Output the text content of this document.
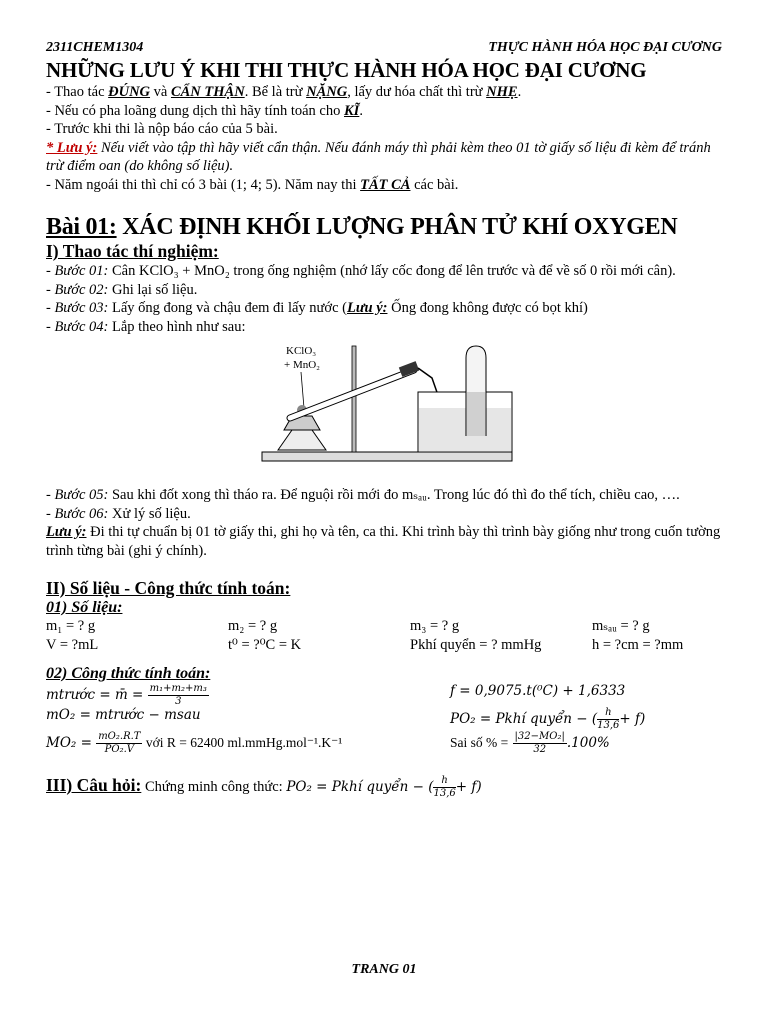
2311CHEM1304	THỰC HÀNH HÓA HỌC ĐẠI CƯƠNG
NHỮNG LƯU Ý KHI THI THỰC HÀNH HÓA HỌC ĐẠI CƯƠNG
- Thao tác ĐÚNG và CẨN THẬN. Bể là trừ NẶNG, lấy dư hóa chất thì trừ NHẸ.
- Nếu có pha loãng dung dịch thì hãy tính toán cho KĨ.
- Trước khi thi là nộp báo cáo của 5 bài.
* Lưu ý: Nếu viết vào tập thì hãy viết cẩn thận. Nếu đánh máy thì phải kèm theo 01 tờ giấy số liệu đi kèm để tránh trừ điểm oan (do không số liệu).
- Năm ngoái thi thì chỉ có 3 bài (1; 4; 5). Năm nay thi TẤT CẢ các bài.
Bài 01: XÁC ĐỊNH KHỐI LƯỢNG PHÂN TỬ KHÍ OXYGEN
I) Thao tác thí nghiệm:
- Bước 01: Cân KClO₃ + MnO₂ trong ống nghiệm (nhớ lấy cốc đong để lên trước và để về số 0 rồi mới cân).
- Bước 02: Ghi lại số liệu.
- Bước 03: Lấy ống đong và chậu đem đi lấy nước (Lưu ý: Ống đong không được có bọt khí)
- Bước 04: Lắp theo hình như sau:
KClO₃
+ MnO₂
- Bước 05: Sau khi đốt xong thì tháo ra. Để nguội rồi mới đo mₛₐᵤ. Trong lúc đó thì đo thể tích, chiều cao, ….
- Bước 06: Xử lý số liệu.
Lưu ý: Đi thi tự chuẩn bị 01 tờ giấy thi, ghi họ và tên, ca thi. Khi trình bày thì trình bày giống như trong cuốn tường trình từng bài (ghi ý chính).
II) Số liệu - Công thức tính toán:
01) Số liệu:
m₁ = ? g	m₂ = ? g	m₃ = ? g	mₛₐᵤ = ? g
V = ?mL	t⁰ = ?⁰C = K	Pkhí quyển = ? mmHg	h = ?cm = ?mm
02) Công thức tính toán:
mtrước = m̄ = $\frac{\text{m₁+m₂+m₃}}{3}$	f = 0,9075.t(⁰C) + 1,6333
mO₂ = mtrước − msau	PO₂ = Pkhí quyển − ( $\frac{h}{13,6} + f$)
$MO_2 = \frac{\text{mO₂.R.T}}{\text{PO₂.V}}$ với R = 62400 ml.mmHg.mol⁻¹.K⁻¹	Sai số % = $\frac{\text{|32−MO₂|}}{32} .100\%$
III) Câu hỏi: Chứng minh công thức: PO₂ = Pkhí quyển − ( $\frac{h}{13,6} + f$)
TRANG 01
